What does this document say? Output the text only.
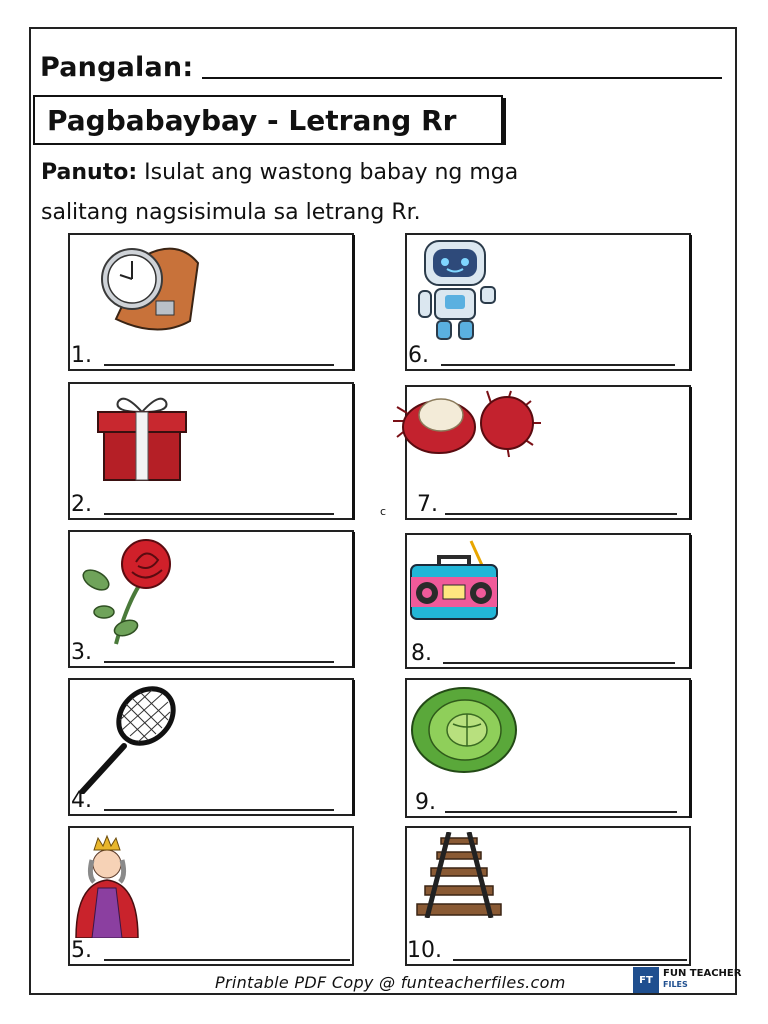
Pangalan:
Pagbabaybay - Letrang Rr
Panuto: Isulat ang wastong babay ng mga
salitang nagsisimula sa letrang Rr.
1.
2.
3.
4.
5.
6.
7.
8.
9.
10.
c
Printable PDF Copy @ funteacherfiles.com	FT
FUN TEACHER
FILES
